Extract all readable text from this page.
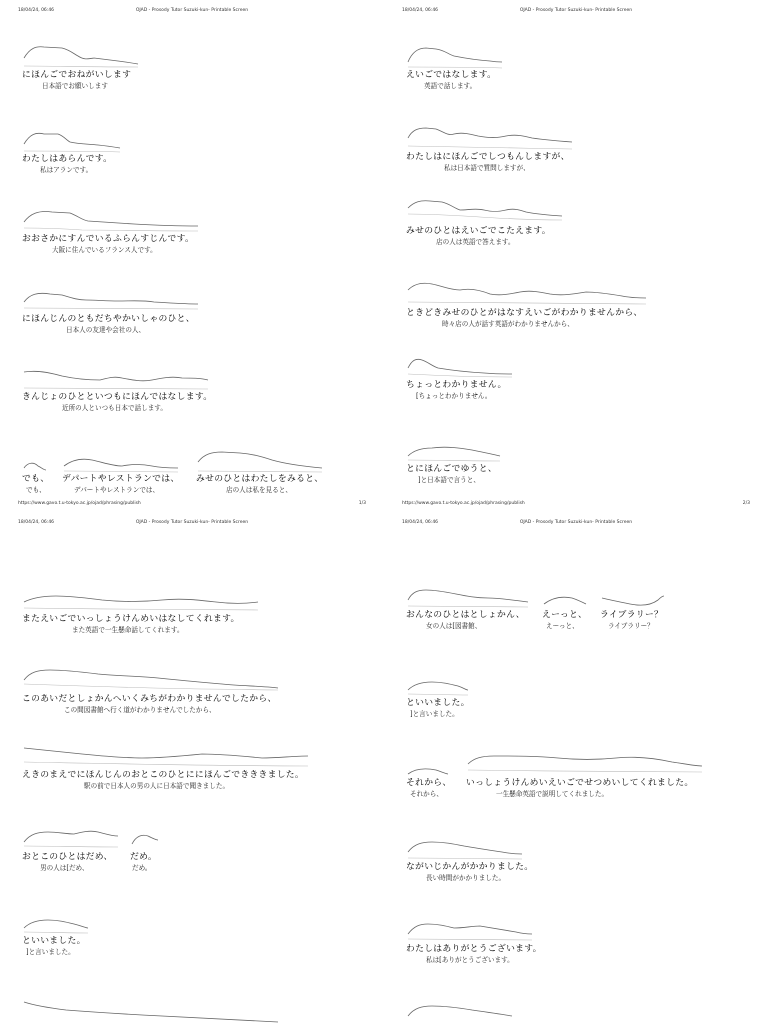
18/04/24, 06:46	OJAD - Prosody Tutor Suzuki-kun- Printable Screen
にほんごでおねがいします
日本語でお願いします
わたしはあらんです。
私はアランです。
おおさかにすんでいるふらんすじんです。
大阪に住んでいるフランス人です。
にほんじんのともだちやかいしゃのひと、
日本人の友達や会社の人、
きんじょのひとといつもにほんではなします。
近所の人といつも日本で話します。
でも、
でも、
デパートやレストランでは、
デパートやレストランでは、
みせのひとはわたしをみると、
店の人は私を見ると、
https://www.gavo.t.u-tokyo.ac.jp/ojad/phrasing/publish	1/3
18/04/24, 06:46	OJAD - Prosody Tutor Suzuki-kun- Printable Screen
えいごではなします。
英語で話します。
わたしはにほんごでしつもんしますが、
私は日本語で質問しますが、
みせのひとはえいごでこたえます。
店の人は英語で答えます。
ときどきみせのひとがはなすえいごがわかりませんから、
時々店の人が話す英語がわかりませんから、
ちょっとわかりません。
[ちょっとわかりません。
とにほんごでゆうと、
]と日本語で言うと、
https://www.gavo.t.u-tokyo.ac.jp/ojad/phrasing/publish	2/3
18/04/24, 06:46	OJAD - Prosody Tutor Suzuki-kun- Printable Screen
またえいごでいっしょうけんめいはなしてくれます。
また英語で一生懸命話してくれます。
このあいだとしょかんへいくみちがわかりませんでしたから、
この間図書館へ行く道がわかりませんでしたから、
えきのまえでにほんじんのおとこのひとににほんごできききました。
駅の前で日本人の男の人に日本語で聞きました。
おとこのひとはだめ、
男の人は[だめ、
だめ。
だめ。
といいました。
]と言いました。
18/04/24, 06:46	OJAD - Prosody Tutor Suzuki-kun- Printable Screen
おんなのひとはとしょかん、
女の人は[図書館、
えーっと、
えーっと、
ライブラリー？
ライブラリー？
といいました。
]と言いました。
それから、
それから、
いっしょうけんめいえいごでせつめいしてくれました。
一生懸命英語で説明してくれました。
ながいじかんがかかりました。
長い時間がかかりました。
わたしはありがとうございます。
私は[ありがとうございます。
